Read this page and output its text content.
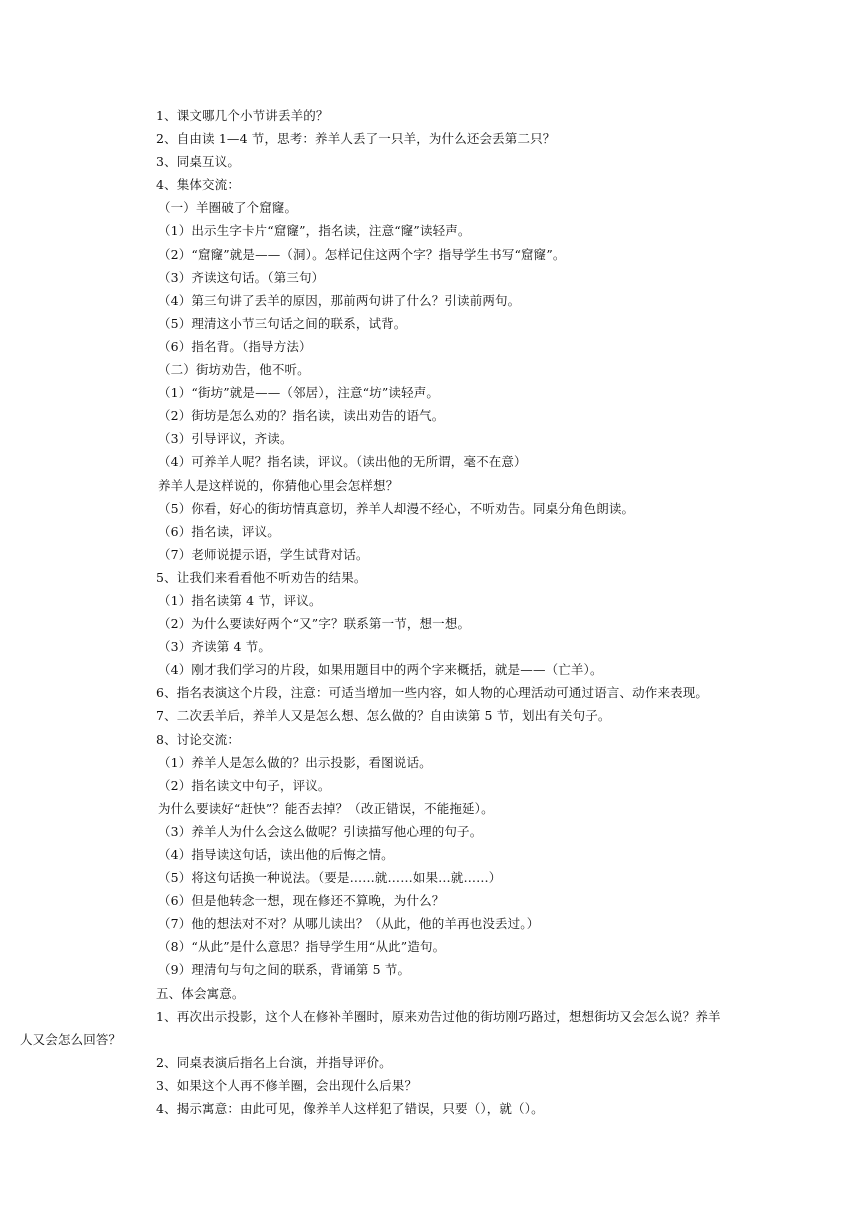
1、课文哪几个小节讲丢羊的？
2、自由读 1—4 节，思考：养羊人丢了一只羊，为什么还会丢第二只？
3、同桌互议。
4、集体交流：
（一）羊圈破了个窟窿。
（1）出示生字卡片“窟窿”，指名读，注意“窿”读轻声。
（2）“窟窿”就是——（洞）。怎样记住这两个字？指导学生书写“窟窿”。
（3）齐读这句话。（第三句）
（4）第三句讲了丢羊的原因，那前两句讲了什么？引读前两句。
（5）理清这小节三句话之间的联系，试背。
（6）指名背。（指导方法）
（二）街坊劝告，他不听。
（1）“街坊”就是——（邻居），注意“坊”读轻声。
（2）街坊是怎么劝的？指名读，读出劝告的语气。
（3）引导评议，齐读。
（4）可养羊人呢？指名读，评议。（读出他的无所谓，毫不在意）
养羊人是这样说的，你猜他心里会怎样想？
（5）你看，好心的街坊情真意切，养羊人却漫不经心，不听劝告。同桌分角色朗读。
（6）指名读，评议。
（7）老师说提示语，学生试背对话。
5、让我们来看看他不听劝告的结果。
（1）指名读第 4 节，评议。
（2）为什么要读好两个“又”字？联系第一节，想一想。
（3）齐读第 4 节。
（4）刚才我们学习的片段，如果用题目中的两个字来概括，就是——（亡羊）。
6、指名表演这个片段，注意：可适当增加一些内容，如人物的心理活动可通过语言、动作来表现。
7、二次丢羊后，养羊人又是怎么想、怎么做的？自由读第 5 节，划出有关句子。
8、讨论交流：
（1）养羊人是怎么做的？出示投影，看图说话。
（2）指名读文中句子，评议。
为什么要读好“赶快”？能否去掉？（改正错误，不能拖延）。
（3）养羊人为什么会这么做呢？引读描写他心理的句子。
（4）指导读这句话，读出他的后悔之情。
（5）将这句话换一种说法。（要是……就……如果…就……）
（6）但是他转念一想，现在修还不算晚，为什么？
（7）他的想法对不对？从哪儿读出？（从此，他的羊再也没丢过。）
（8）“从此”是什么意思？指导学生用“从此”造句。
（9）理清句与句之间的联系，背诵第 5 节。
五、体会寓意。
1、再次出示投影，这个人在修补羊圈时，原来劝告过他的街坊刚巧路过，想想街坊又会怎么说？养羊
人又会怎么回答？
2、同桌表演后指名上台演，并指导评价。
3、如果这个人再不修羊圈，会出现什么后果？
4、揭示寓意：由此可见，像养羊人这样犯了错误，只要（），就（）。
